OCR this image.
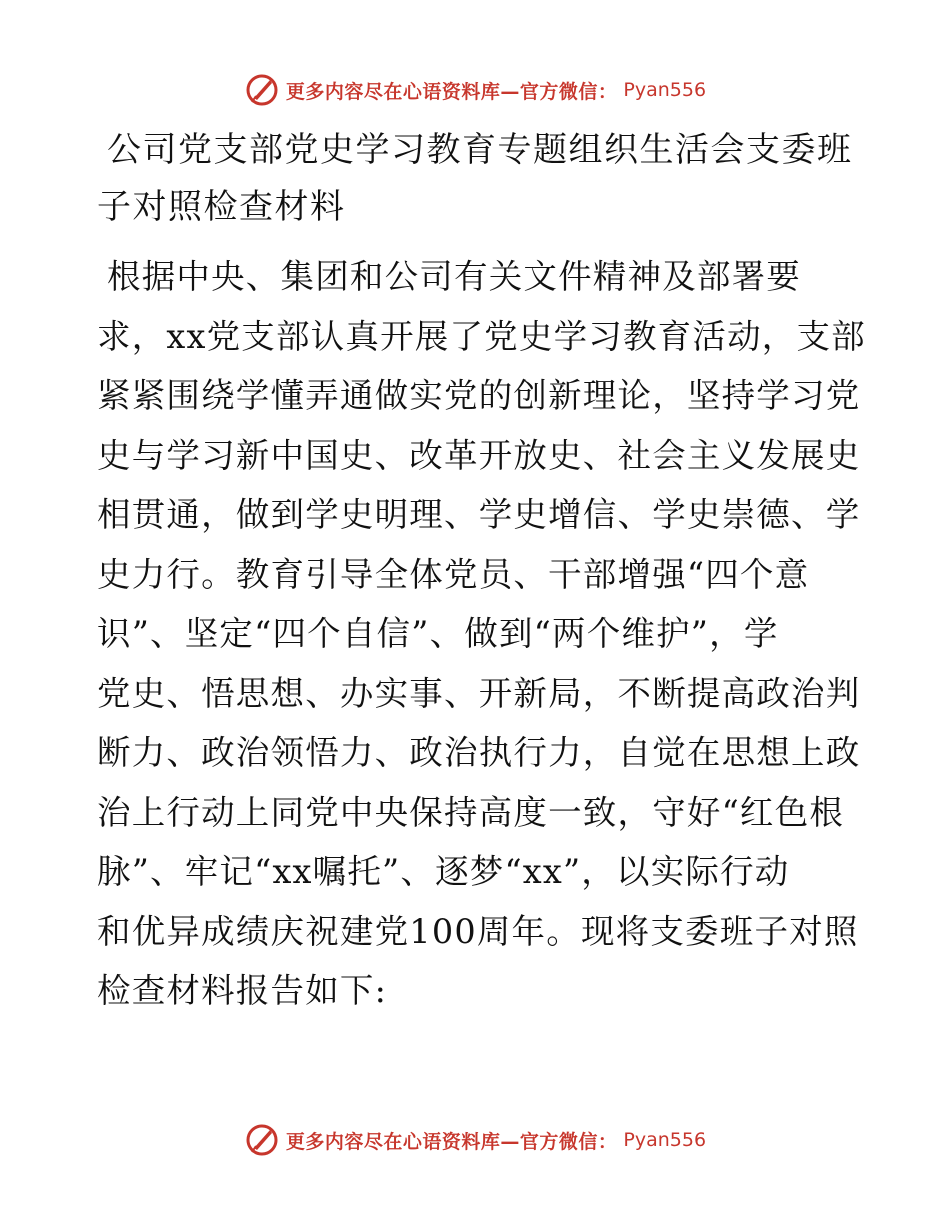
更多内容尽在心语资料库—官方微信： Pyan556
公司党支部党史学习教育专题组织生活会支委班
子对照检查材料

根据中央、集团和公司有关文件精神及部署要
求，xx党支部认真开展了党史学习教育活动，支部
紧紧围绕学懂弄通做实党的创新理论，坚持学习党
史与学习新中国史、改革开放史、社会主义发展史
相贯通，做到学史明理、学史增信、学史崇德、学
史力行。教育引导全体党员、干部增强“四个意
识”、坚定“四个自信”、做到“两个维护”，学
党史、悟思想、办实事、开新局，不断提高政治判
断力、政治领悟力、政治执行力，自觉在思想上政
治上行动上同党中央保持高度一致，守好“红色根
脉”、牢记“xx嘱托”、逐梦“xx”，以实际行动
和优异成绩庆祝建党100周年。现将支委班子对照
检查材料报告如下:

更多内容尽在心语资料库—官方微信： Pyan556
